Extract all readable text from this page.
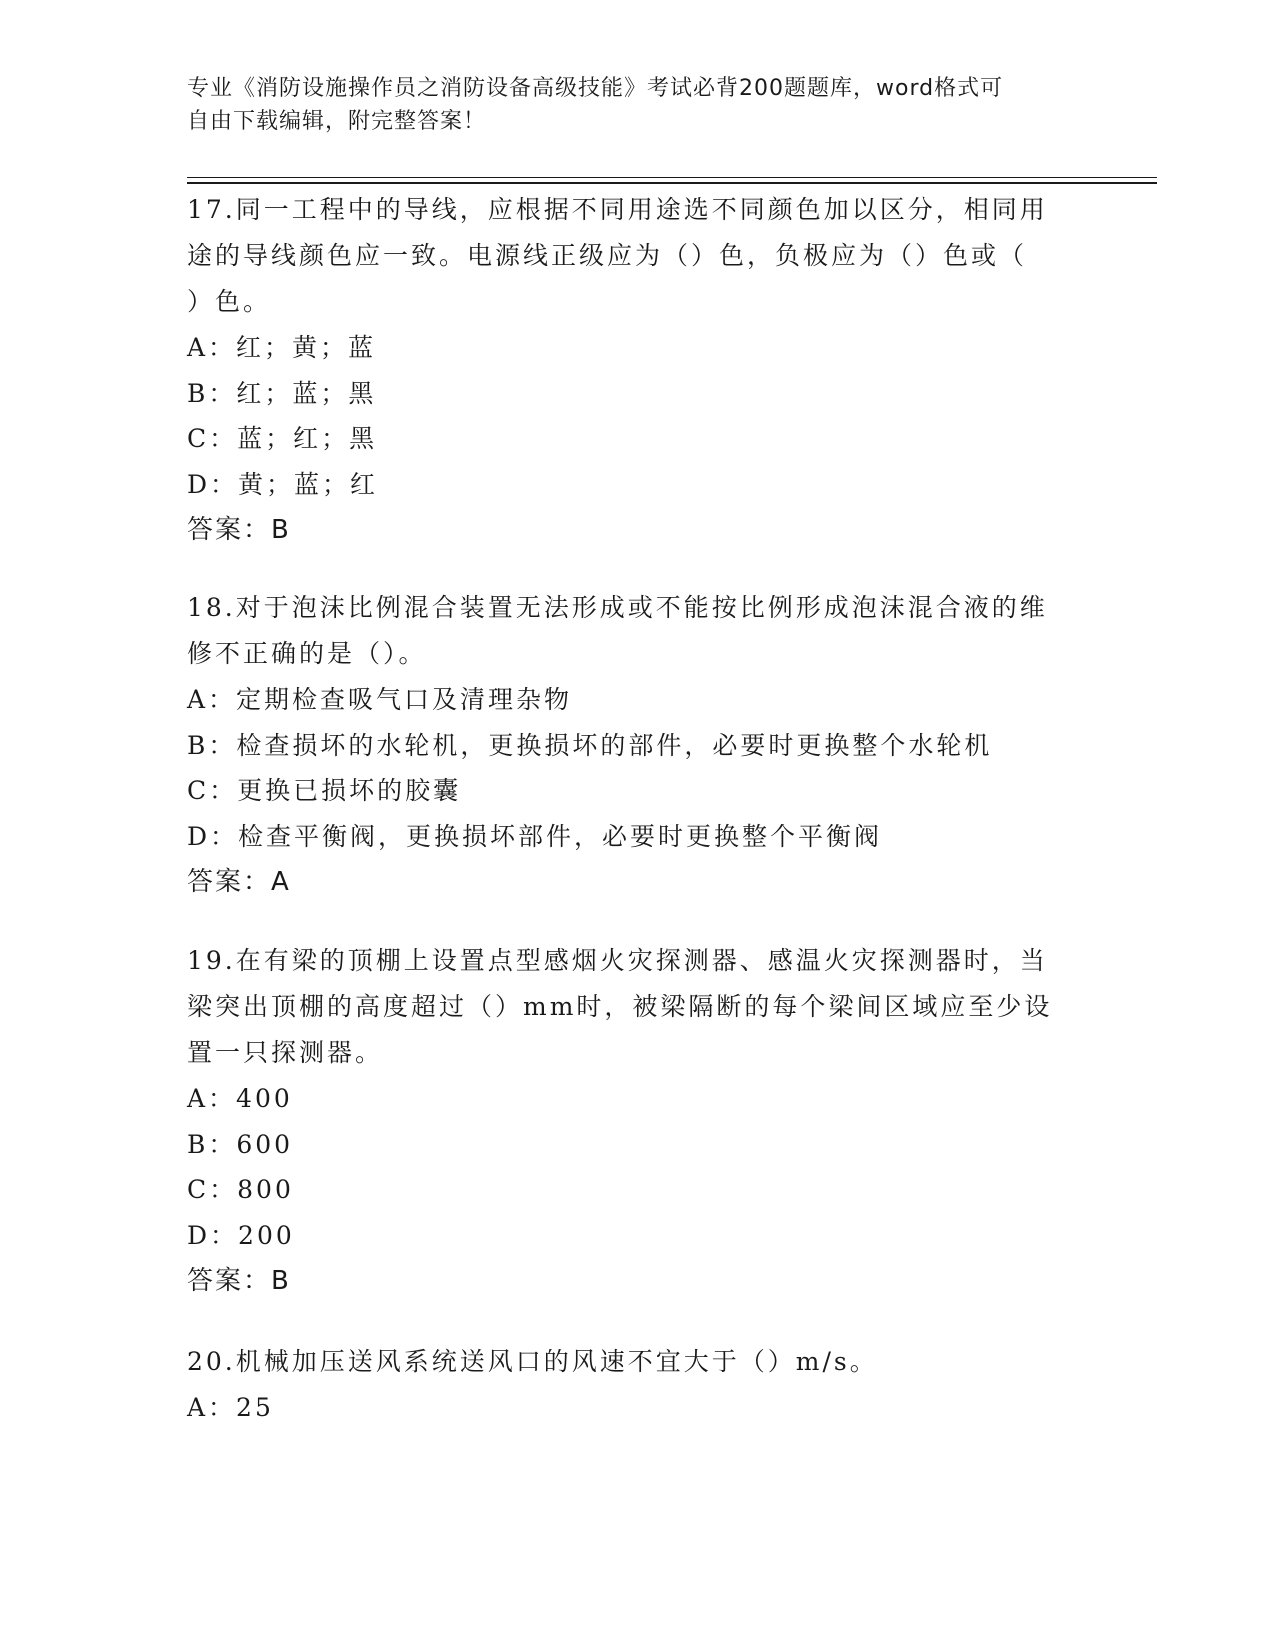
专业《消防设施操作员之消防设备高级技能》考试必背200题题库，word格式可
自由下载编辑，附完整答案！
17.同一工程中的导线，应根据不同用途选不同颜色加以区分，相同用
途的导线颜色应一致。电源线正级应为（）色，负极应为（）色或（
）色。
A：红；黄；蓝
B：红；蓝；黑
C：蓝；红；黑
D：黄；蓝；红
答案：B
18.对于泡沫比例混合装置无法形成或不能按比例形成泡沫混合液的维
修不正确的是（）。
A：定期检查吸气口及清理杂物
B：检查损坏的水轮机，更换损坏的部件，必要时更换整个水轮机
C：更换已损坏的胶囊
D：检查平衡阀，更换损坏部件，必要时更换整个平衡阀
答案：A
19.在有梁的顶棚上设置点型感烟火灾探测器、感温火灾探测器时，当
梁突出顶棚的高度超过（）mm时，被梁隔断的每个梁间区域应至少设
置一只探测器。
A：400
B：600
C：800
D：200
答案：B
20.机械加压送风系统送风口的风速不宜大于（）m/s。
A：25
